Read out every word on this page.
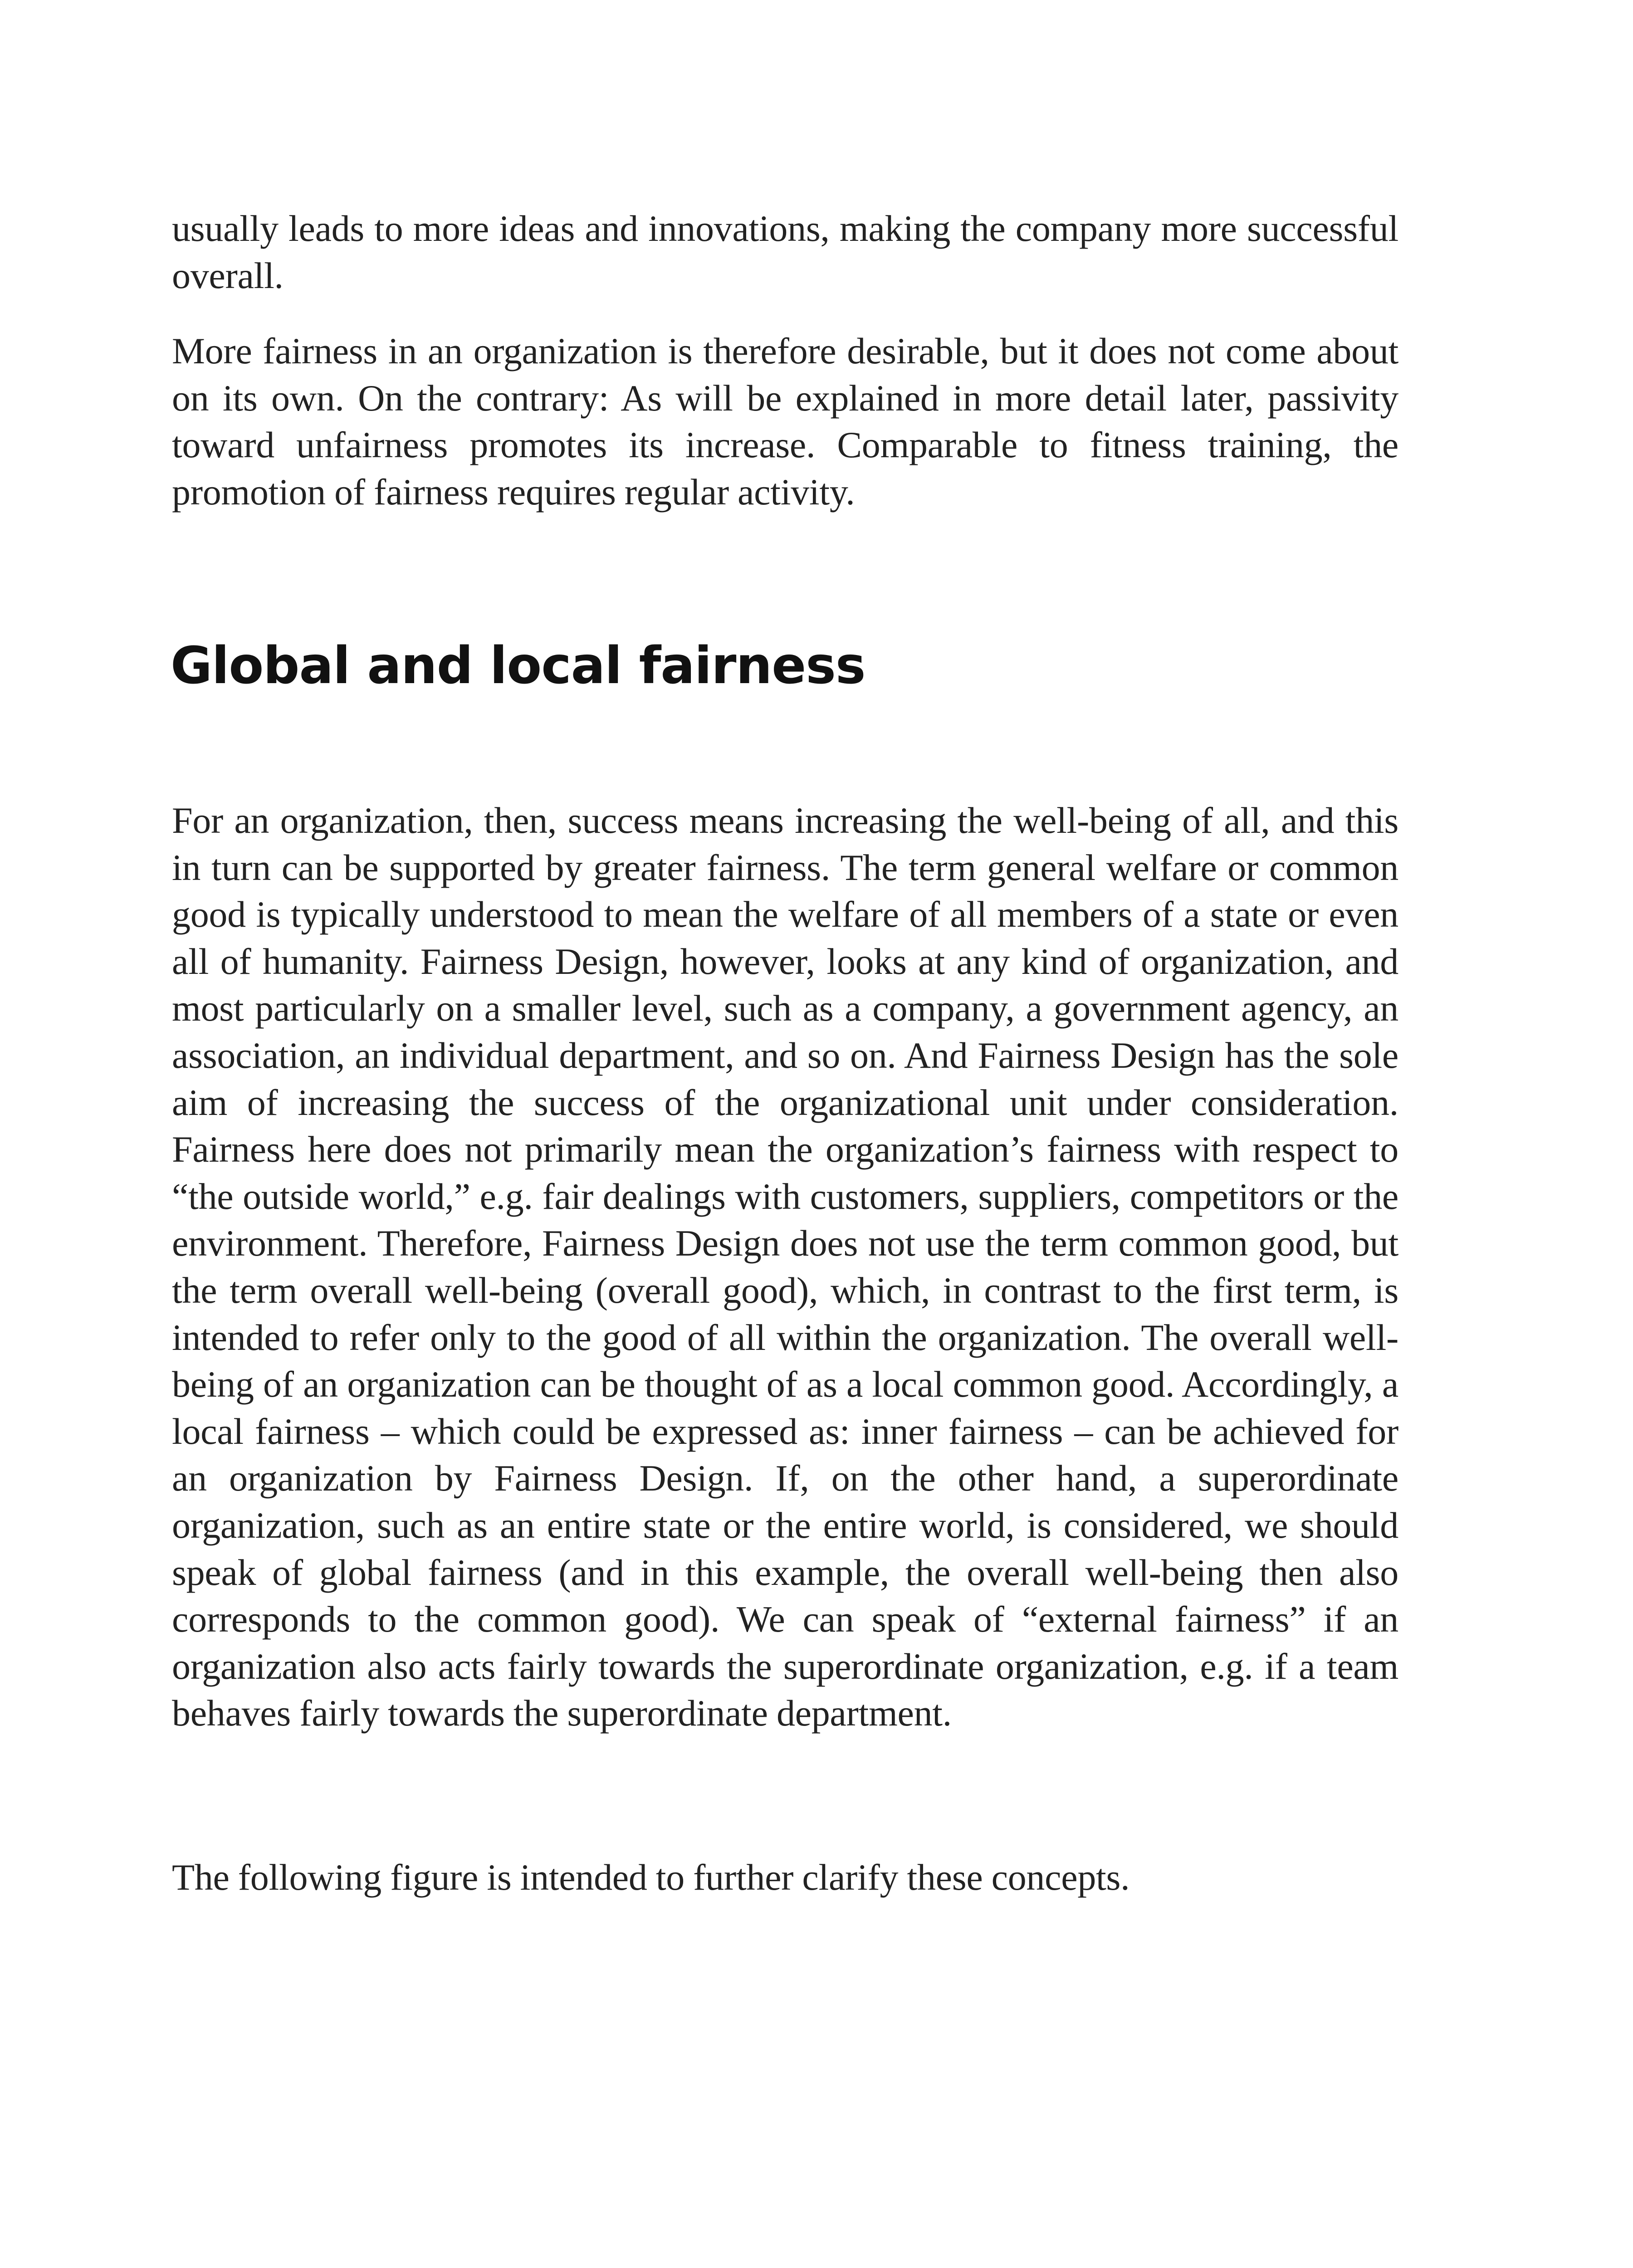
usually leads to more ideas and innovations, making the company more successful overall.

More fairness in an organization is therefore desirable, but it does not come about on its own. On the contrary: As will be explained in more detail later, passivity toward unfairness promotes its increase. Comparable to fitness training, the promotion of fairness requires regular activity.

Global and local fairness

For an organization, then, success means increasing the well-being of all, and this in turn can be supported by greater fairness. The term general welfare or common good is typically understood to mean the welfare of all members of a state or even all of humanity. Fairness Design, however, looks at any kind of organization, and most particularly on a smaller level, such as a company, a government agency, an association, an individual department, and so on. And Fairness Design has the sole aim of increasing the success of the organizational unit under consideration. Fairness here does not primarily mean the organization’s fairness with respect to “the outside world,” e.g. fair dealings with customers, suppliers, competitors or the environment. Therefore, Fairness Design does not use the term common good, but the term overall well-being (overall good), which, in contrast to the first term, is intended to refer only to the good of all within the organization. The overall well-being of an organization can be thought of as a local common good. Accordingly, a local fairness – which could be expressed as: inner fairness – can be achieved for an organization by Fairness Design. If, on the other hand, a superordinate organization, such as an entire state or the entire world, is considered, we should speak of global fairness (and in this example, the overall well-being then also corresponds to the common good). We can speak of “external fairness” if an organization also acts fairly towards the superordinate organization, e.g. if a team behaves fairly towards the superordinate department.

The following figure is intended to further clarify these concepts.
